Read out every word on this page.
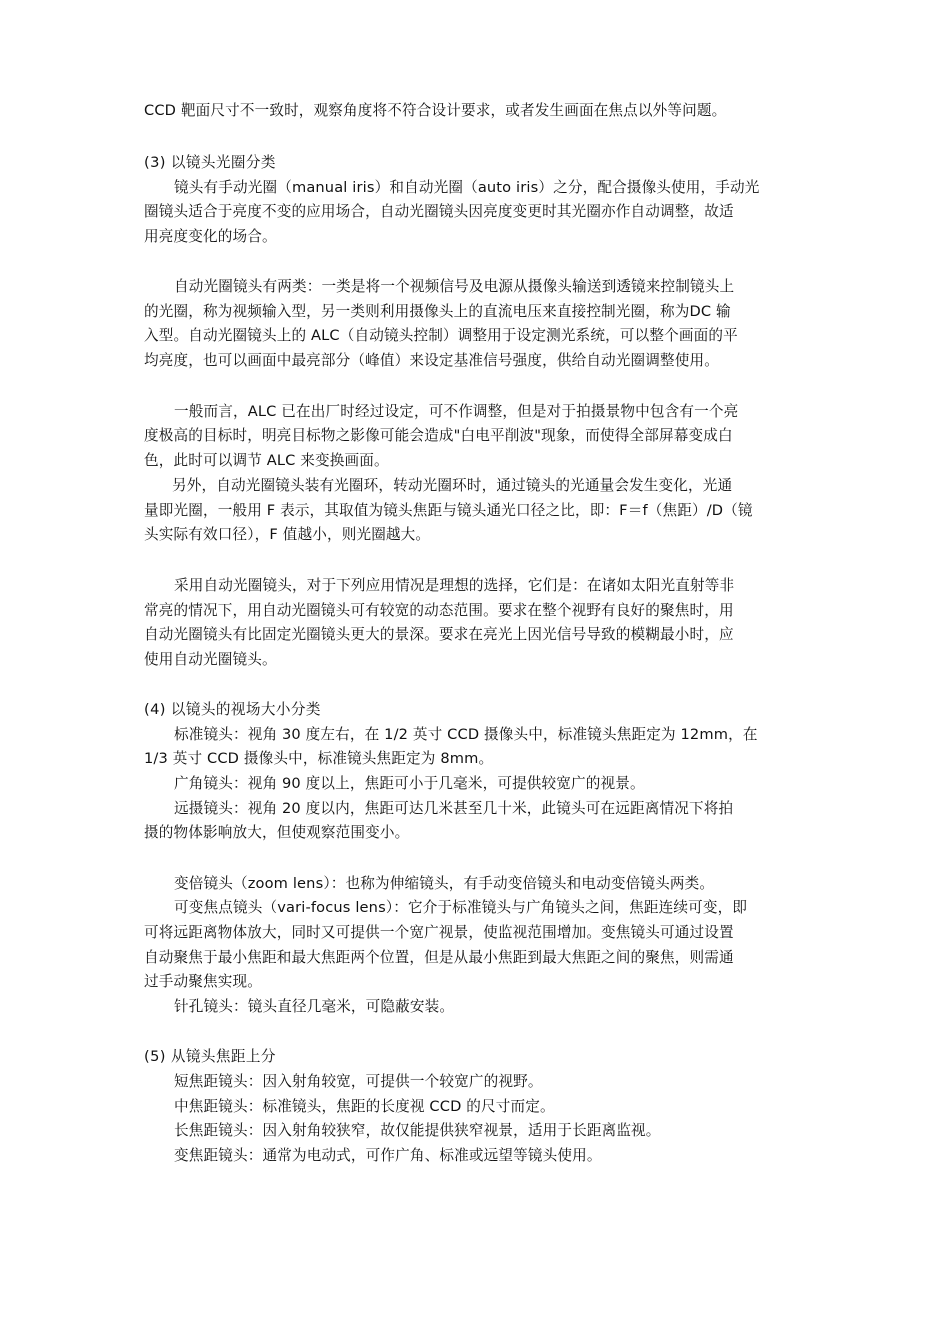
CCD 靶面尺寸不一致时，观察角度将不符合设计要求，或者发生画面在焦点以外等问题。
(3) 以镜头光圈分类
镜头有手动光圈（manual iris）和自动光圈（auto iris）之分，配合摄像头使用，手动光
圈镜头适合于亮度不变的应用场合，自动光圈镜头因亮度变更时其光圈亦作自动调整，故适
用亮度变化的场合。
自动光圈镜头有两类：一类是将一个视频信号及电源从摄像头输送到透镜来控制镜头上
的光圈，称为视频输入型，另一类则利用摄像头上的直流电压来直接控制光圈，称为DC 输
入型。自动光圈镜头上的 ALC（自动镜头控制）调整用于设定测光系统，可以整个画面的平
均亮度，也可以画面中最亮部分（峰值）来设定基准信号强度，供给自动光圈调整使用。
一般而言，ALC 已在出厂时经过设定，可不作调整，但是对于拍摄景物中包含有一个亮
度极高的目标时，明亮目标物之影像可能会造成"白电平削波"现象，而使得全部屏幕变成白
色，此时可以调节 ALC 来变换画面。
另外，自动光圈镜头装有光圈环，转动光圈环时，通过镜头的光通量会发生变化，光通
量即光圈，一般用 F 表示，其取值为镜头焦距与镜头通光口径之比，即：F＝f（焦距）/D（镜
头实际有效口径），F 值越小，则光圈越大。
采用自动光圈镜头，对于下列应用情况是理想的选择，它们是：在诸如太阳光直射等非
常亮的情况下，用自动光圈镜头可有较宽的动态范围。要求在整个视野有良好的聚焦时，用
自动光圈镜头有比固定光圈镜头更大的景深。要求在亮光上因光信号导致的模糊最小时，应
使用自动光圈镜头。
(4) 以镜头的视场大小分类
标准镜头：视角 30 度左右，在 1/2 英寸 CCD 摄像头中，标准镜头焦距定为 12mm，在
1/3 英寸 CCD 摄像头中，标准镜头焦距定为 8mm。
广角镜头：视角 90 度以上，焦距可小于几毫米，可提供较宽广的视景。
远摄镜头：视角 20 度以内，焦距可达几米甚至几十米，此镜头可在远距离情况下将拍
摄的物体影响放大，但使观察范围变小。
变倍镜头（zoom lens）：也称为伸缩镜头，有手动变倍镜头和电动变倍镜头两类。
可变焦点镜头（vari-focus lens）：它介于标准镜头与广角镜头之间，焦距连续可变，即
可将远距离物体放大，同时又可提供一个宽广视景，使监视范围增加。变焦镜头可通过设置
自动聚焦于最小焦距和最大焦距两个位置，但是从最小焦距到最大焦距之间的聚焦，则需通
过手动聚焦实现。
针孔镜头：镜头直径几毫米，可隐蔽安装。
(5) 从镜头焦距上分
短焦距镜头：因入射角较宽，可提供一个较宽广的视野。
中焦距镜头：标准镜头，焦距的长度视 CCD 的尺寸而定。
长焦距镜头：因入射角较狭窄，故仅能提供狭窄视景，适用于长距离监视。
变焦距镜头：通常为电动式，可作广角、标准或远望等镜头使用。
